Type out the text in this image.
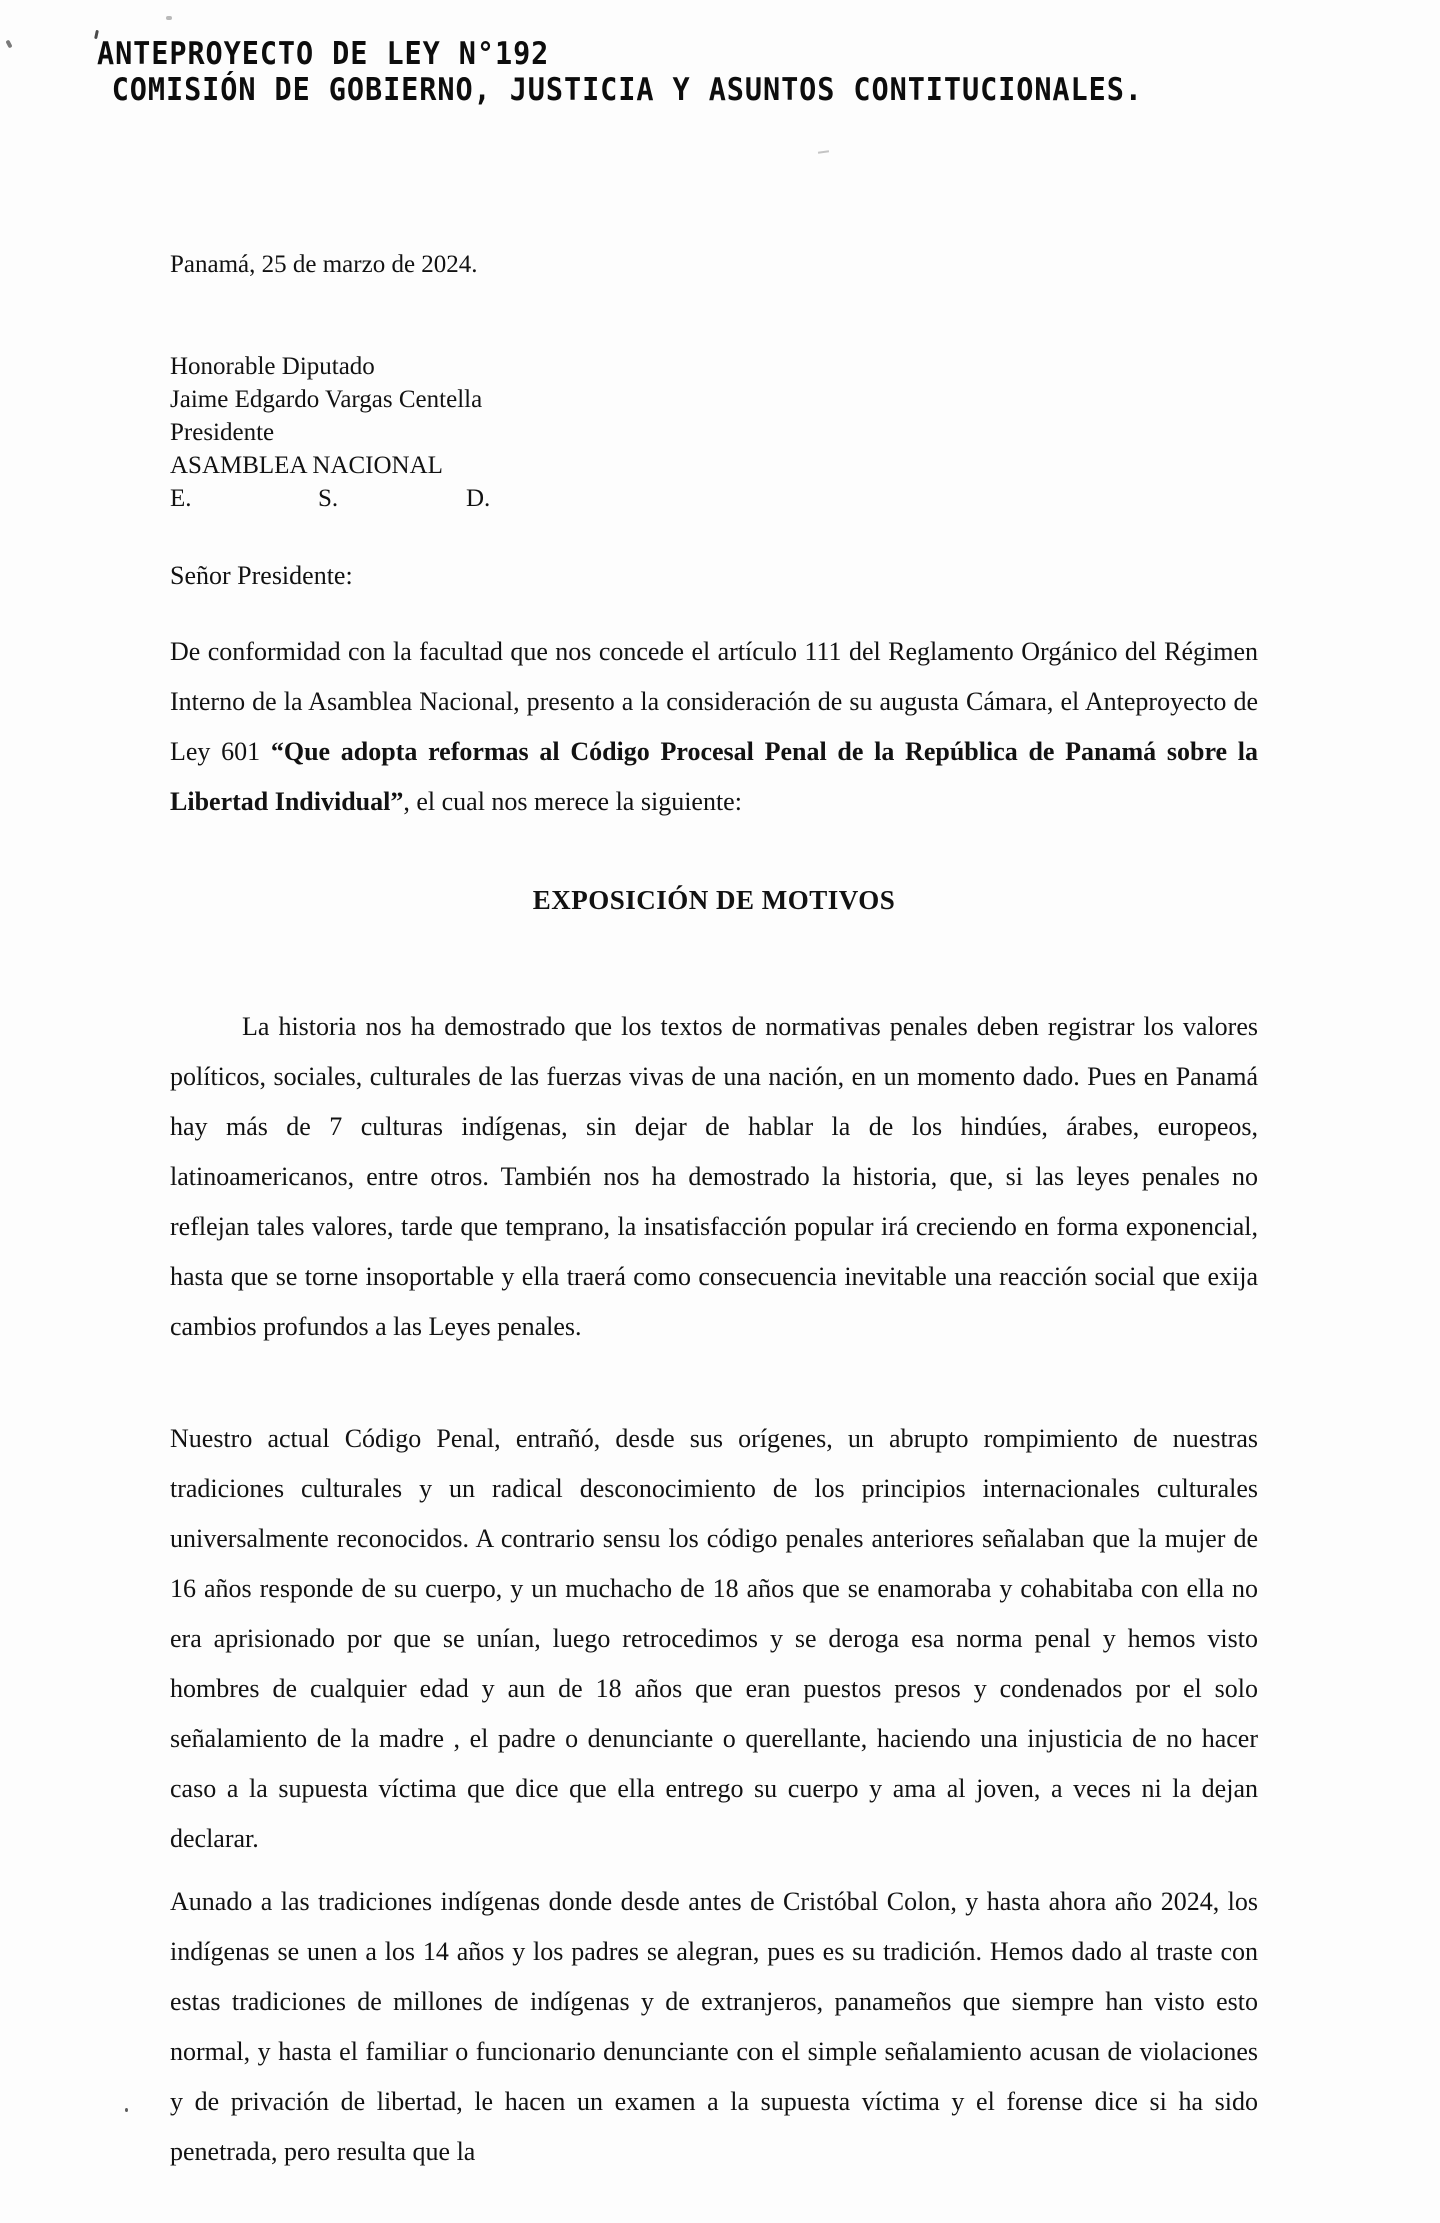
ANTEPROYECTO DE LEY N°192
COMISIÓN DE GOBIERNO, JUSTICIA Y ASUNTOS CONTITUCIONALES.
Panamá, 25 de marzo de 2024.
Honorable Diputado
Jaime Edgardo Vargas Centella
Presidente
ASAMBLEA NACIONAL
E.	S.	D.
Señor Presidente:

De conformidad con la facultad que nos concede el artículo 111 del Reglamento Orgánico del Régimen Interno de la Asamblea Nacional, presento a la consideración de su augusta Cámara, el Anteproyecto de Ley 601 “Que adopta reformas al Código Procesal Penal de la República de Panamá sobre la Libertad Individual”, el cual nos merece la siguiente:

EXPOSICIÓN DE MOTIVOS

La historia nos ha demostrado que los textos de normativas penales deben registrar los valores políticos, sociales, culturales de las fuerzas vivas de una nación, en un momento dado. Pues en Panamá hay más de 7 culturas indígenas, sin dejar de hablar la de los hindúes, árabes, europeos, latinoamericanos, entre otros. También nos ha demostrado la historia, que, si las leyes penales no reflejan tales valores, tarde que temprano, la insatisfacción popular irá creciendo en forma exponencial, hasta que se torne insoportable y ella traerá como consecuencia inevitable una reacción social que exija cambios profundos a las Leyes penales.

Nuestro actual Código Penal, entrañó, desde sus orígenes, un abrupto rompimiento de nuestras tradiciones culturales y un radical desconocimiento de los principios internacionales culturales universalmente reconocidos. A contrario sensu los código penales anteriores señalaban que la mujer de 16 años responde de su cuerpo, y un muchacho de 18 años que se enamoraba y cohabitaba con ella no era aprisionado por que se unían, luego retrocedimos y se deroga esa norma penal y hemos visto hombres de cualquier edad y aun de 18 años que eran puestos presos y condenados por el solo señalamiento de la madre , el padre o denunciante o querellante, haciendo una injusticia de no hacer caso a la supuesta víctima que dice que ella entrego su cuerpo y ama al joven, a veces ni la dejan declarar.

Aunado a las tradiciones indígenas donde desde antes de Cristóbal Colon, y hasta ahora año 2024, los indígenas se unen a los 14 años y los padres se alegran, pues es su tradición. Hemos dado al traste con estas tradiciones de millones de indígenas y de extranjeros, panameños que siempre han visto esto normal, y hasta el familiar o funcionario denunciante con el simple señalamiento acusan de violaciones y de privación de libertad, le hacen un examen a la supuesta víctima y el forense dice si ha sido penetrada, pero resulta que la
